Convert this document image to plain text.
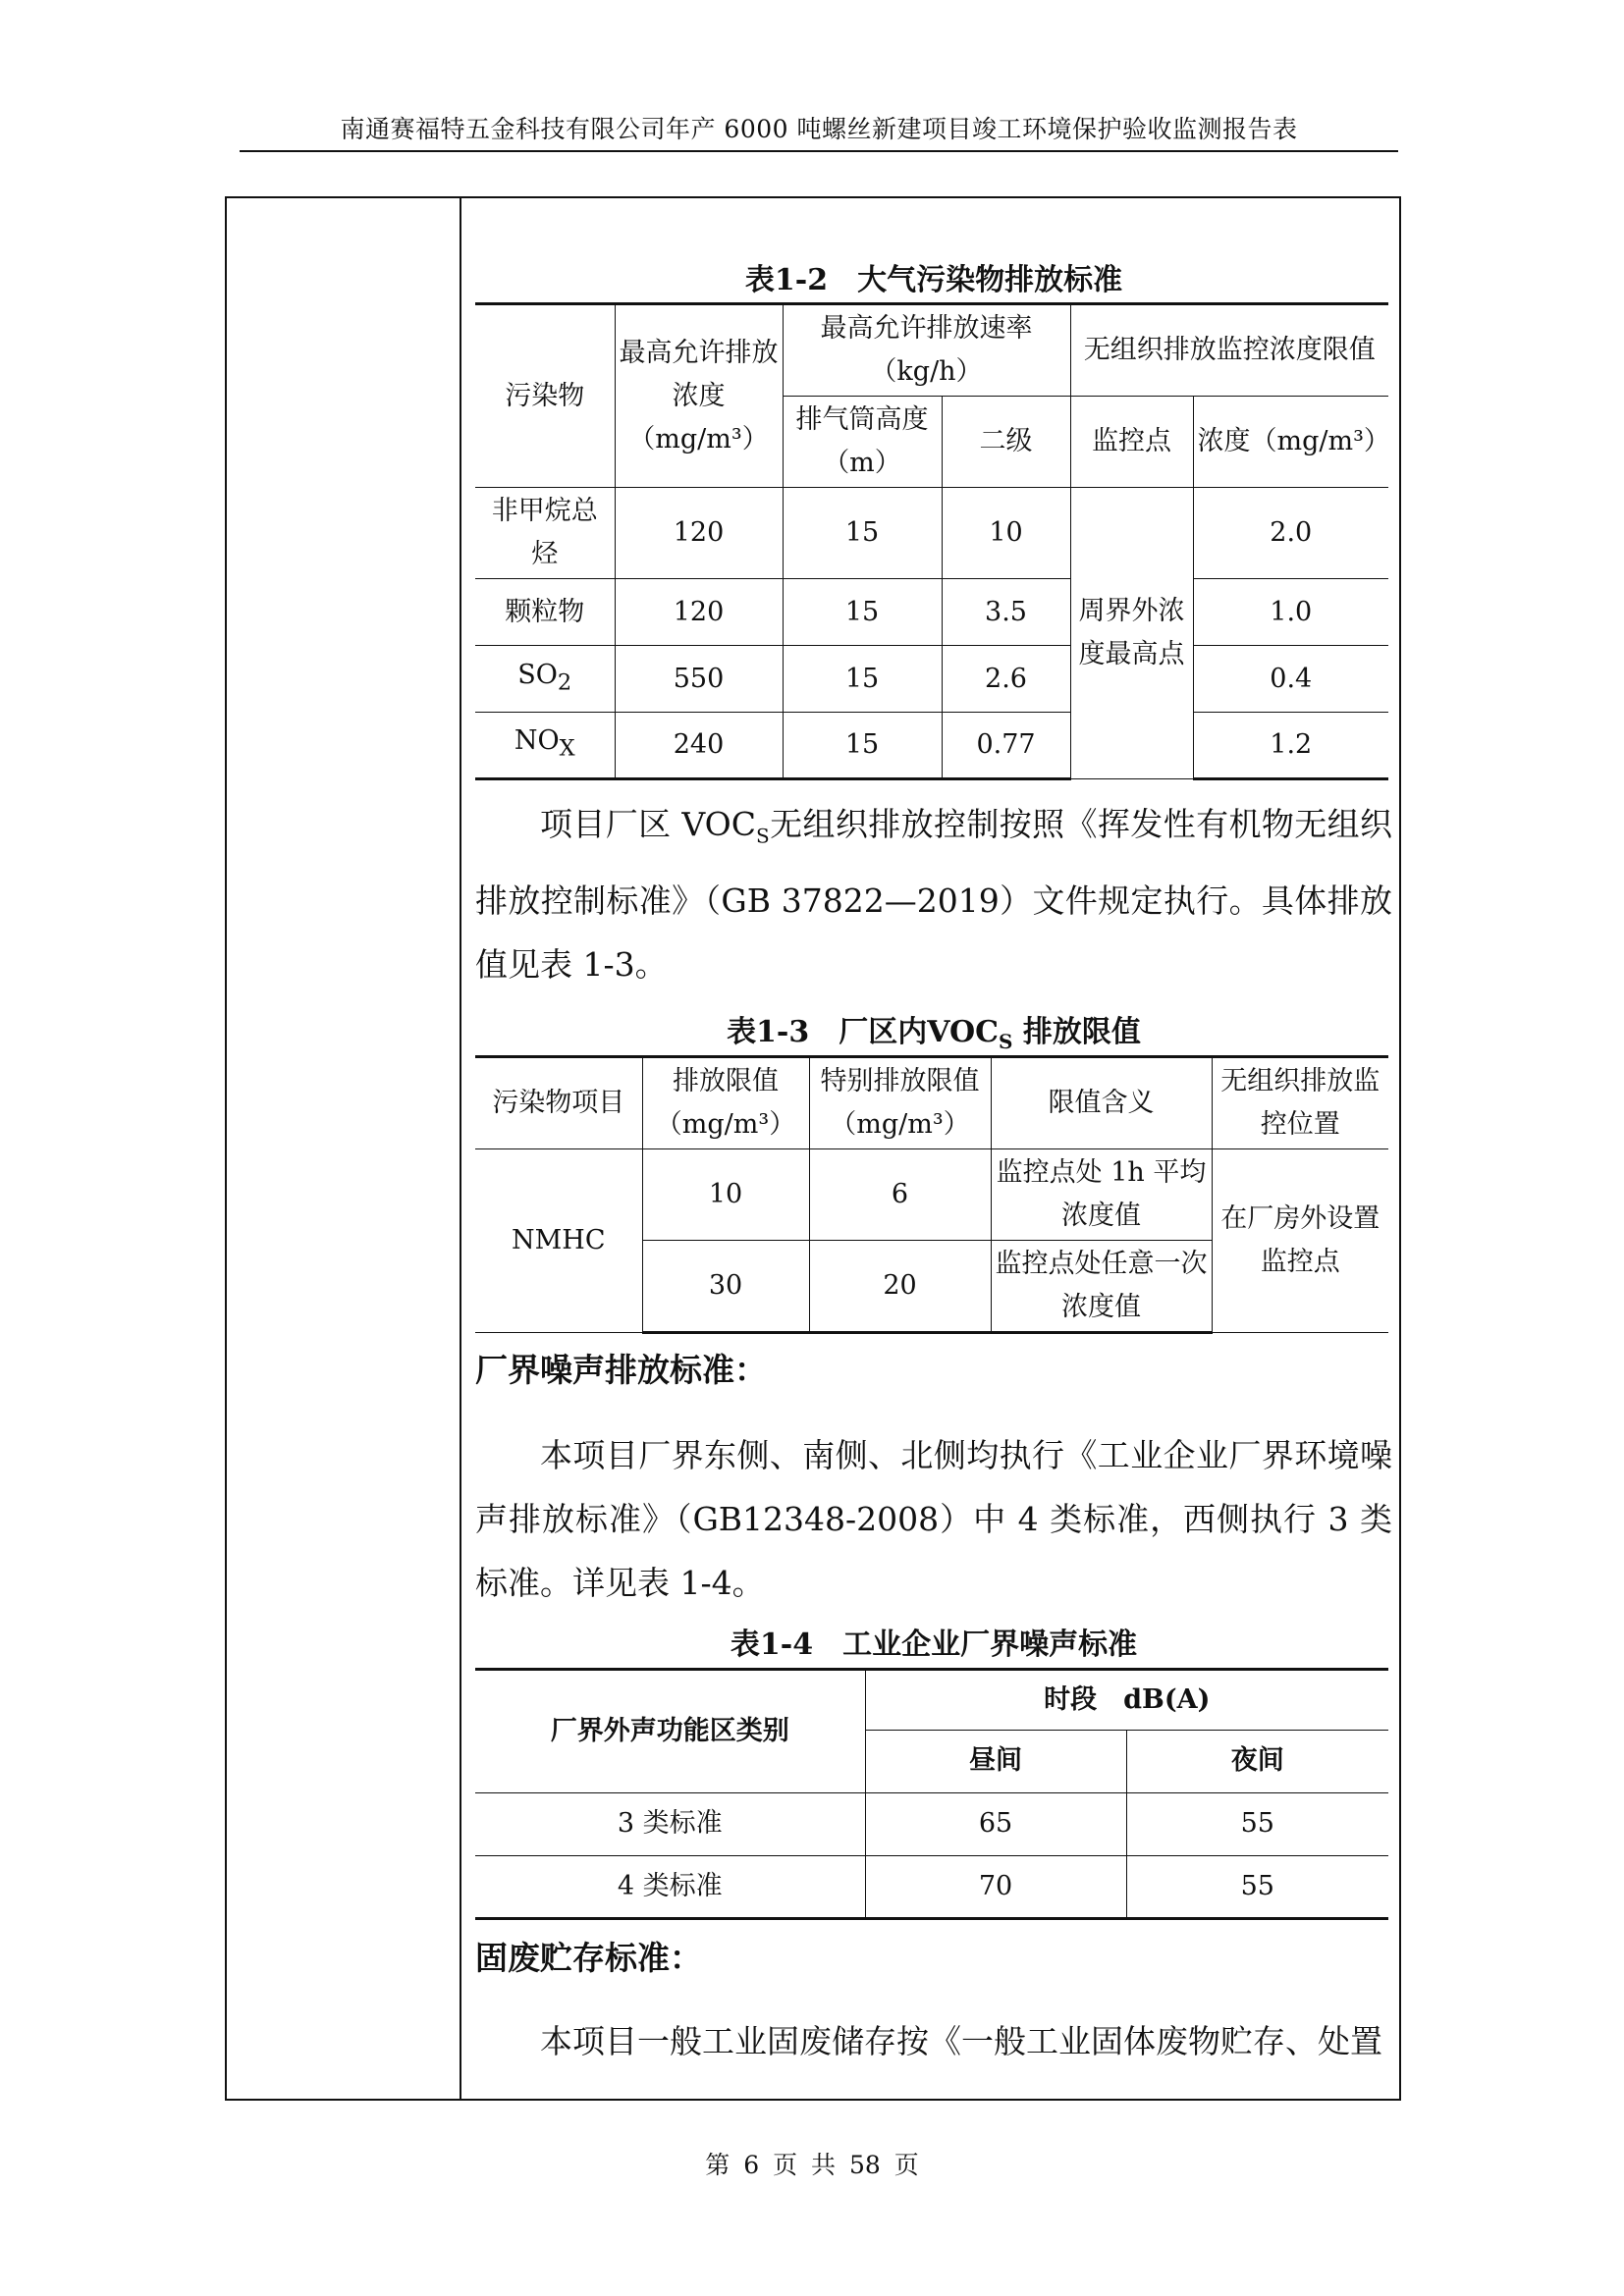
南通赛福特五金科技有限公司年产 6000 吨螺丝新建项目竣工环境保护验收监测报告表
表1-2　大气污染物排放标准
污染物	最高允许排放浓度（mg/m³）	最高允许排放速率（kg/h）		无组织排放监控浓度限值	
		排气筒高度（m）	二级	监控点	浓度（mg/m³）
非甲烷总烃	120	15	10	周界外浓度最高点	2.0
颗粒物	120	15	3.5		1.0
$SO_2$	550	15	2.6		0.4
$NO_X$	240	15	0.77		1.2

项目厂区 $VOC_S$无组织排放控制按照《挥发性有机物无组织排放控制标准》（GB 37822—2019）文件规定执行。具体排放值见表 1-3。

表1-3　厂区内$VOC_S$ 排放限值
污染物项目	排放限值（mg/m³）	特别排放限值（mg/m³）	限值含义	无组织排放监控位置
NMHC	10	6	监控点处 1h 平均浓度值	在厂房外设置监控点
	30	20	监控点处任意一次浓度值	

厂界噪声排放标准：

本项目厂界东侧、南侧、北侧均执行《工业企业厂界环境噪声排放标准》（GB12348-2008）中 4 类标准，西侧执行 3 类标准。详见表 1-4。

表1-4　工业企业厂界噪声标准
厂界外声功能区类别	时段　dB(A)	
	昼间	夜间
3 类标准	65	55
4 类标准	70	55

固废贮存标准：

本项目一般工业固废储存按《一般工业固体废物贮存、处置

第 6 页 共 58 页
